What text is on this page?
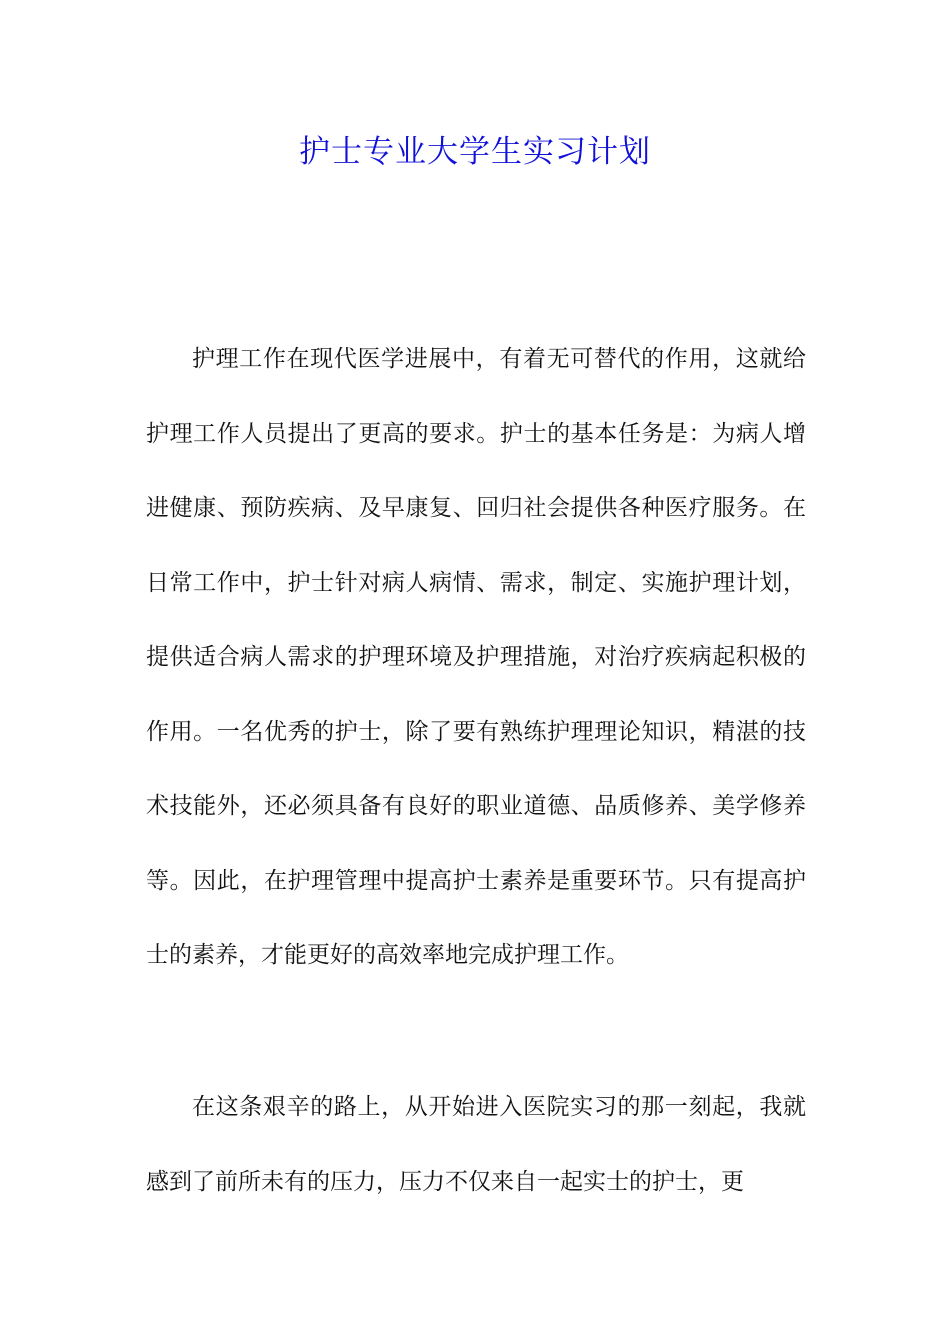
护士专业大学生实习计划

护理工作在现代医学进展中，有着无可替代的作用，这就给护理工作人员提出了更高的要求。护士的基本任务是：为病人增进健康、预防疾病、及早康复、回归社会提供各种医疗服务。在日常工作中，护士针对病人病情、需求，制定、实施护理计划，提供适合病人需求的护理环境及护理措施，对治疗疾病起积极的作用。一名优秀的护士，除了要有熟练护理理论知识，精湛的技术技能外，还必须具备有良好的职业道德、品质修养、美学修养等。因此，在护理管理中提高护士素养是重要环节。只有提高护士的素养，才能更好的高效率地完成护理工作。

在这条艰辛的路上，从开始进入医院实习的那一刻起，我就感到了前所未有的压力，压力不仅来自一起实士的护士，更
